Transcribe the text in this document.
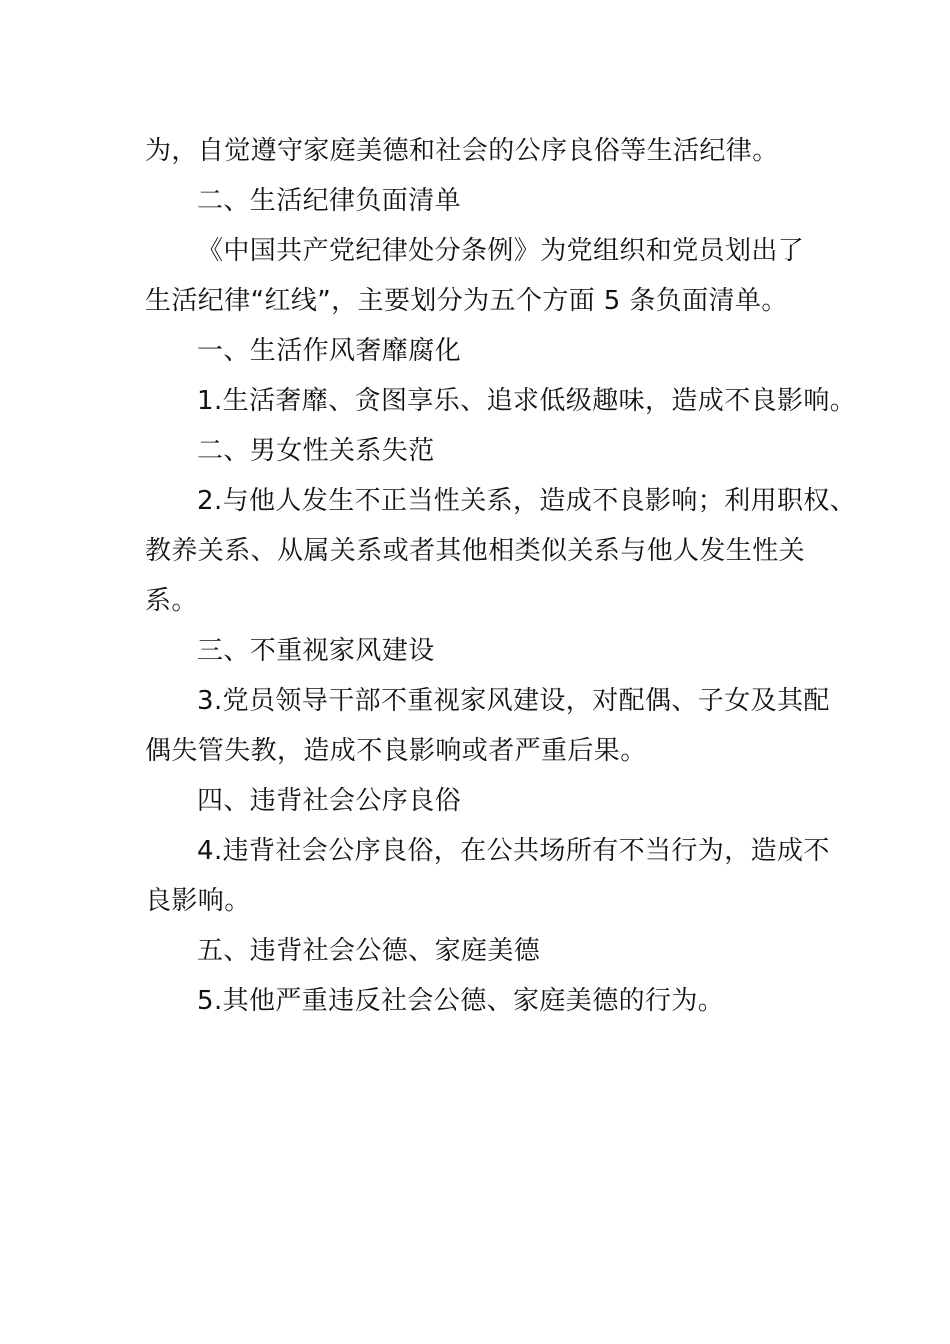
为，自觉遵守家庭美德和社会的公序良俗等生活纪律。
二、生活纪律负面清单
《中国共产党纪律处分条例》为党组织和党员划出了
生活纪律“红线”，主要划分为五个方面 5 条负面清单。
一、生活作风奢靡腐化
1.生活奢靡、贪图享乐、追求低级趣味，造成不良影响。
二、男女性关系失范
2.与他人发生不正当性关系，造成不良影响；利用职权、
教养关系、从属关系或者其他相类似关系与他人发生性关
系。
三、不重视家风建设
3.党员领导干部不重视家风建设，对配偶、子女及其配
偶失管失教，造成不良影响或者严重后果。
四、违背社会公序良俗
4.违背社会公序良俗，在公共场所有不当行为，造成不
良影响。
五、违背社会公德、家庭美德
5.其他严重违反社会公德、家庭美德的行为。
